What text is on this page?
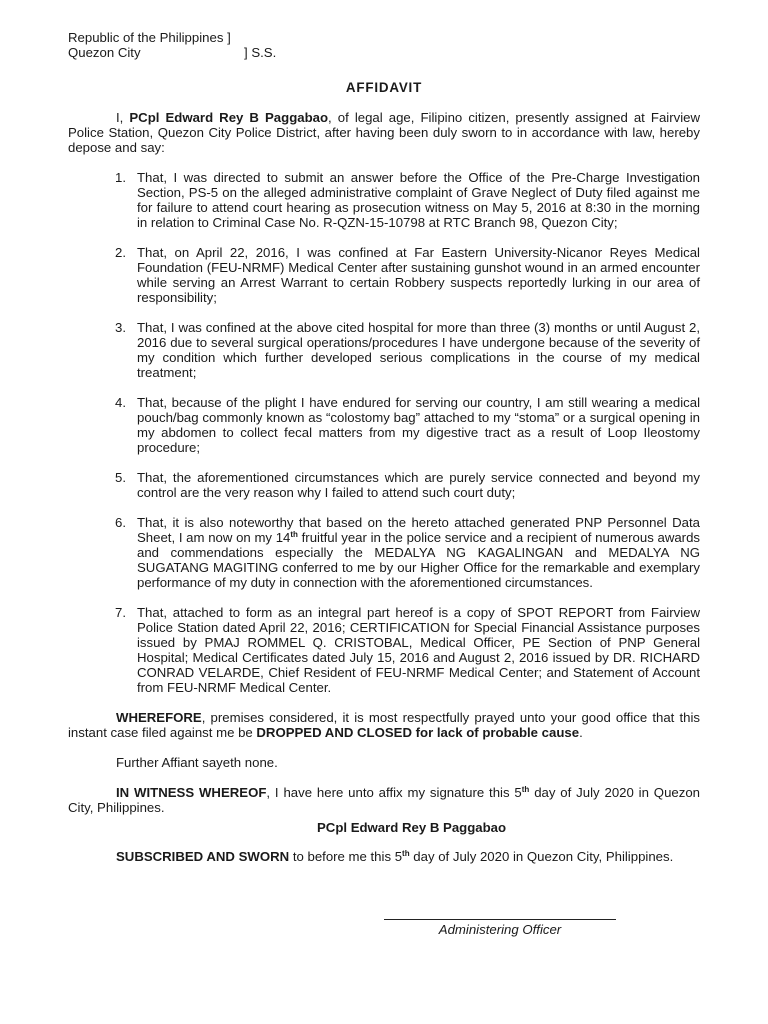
Republic of the Philippines ]
Quezon City	] S.S.
AFFIDAVIT

I, PCpl Edward Rey B Paggabao, of legal age, Filipino citizen, presently assigned at Fairview Police Station, Quezon City Police District, after having been duly sworn to in accordance with law, hereby depose and say:

1. That, I was directed to submit an answer before the Office of the Pre-Charge Investigation Section, PS-5 on the alleged administrative complaint of Grave Neglect of Duty filed against me for failure to attend court hearing as prosecution witness on May 5, 2016 at 8:30 in the morning in relation to Criminal Case No. R-QZN-15-10798 at RTC Branch 98, Quezon City;
2. That, on April 22, 2016, I was confined at Far Eastern University-Nicanor Reyes Medical Foundation (FEU-NRMF) Medical Center after sustaining gunshot wound in an armed encounter while serving an Arrest Warrant to certain Robbery suspects reportedly lurking in our area of responsibility;
3. That, I was confined at the above cited hospital for more than three (3) months or until August 2, 2016 due to several surgical operations/procedures I have undergone because of the severity of my condition which further developed serious complications in the course of my medical treatment;
4. That, because of the plight I have endured for serving our country, I am still wearing a medical pouch/bag commonly known as “colostomy bag” attached to my “stoma” or a surgical opening in my abdomen to collect fecal matters from my digestive tract as a result of Loop Ileostomy procedure;
5. That, the aforementioned circumstances which are purely service connected and beyond my control are the very reason why I failed to attend such court duty;
6. That, it is also noteworthy that based on the hereto attached generated PNP Personnel Data Sheet, I am now on my 14th fruitful year in the police service and a recipient of numerous awards and commendations especially the MEDALYA NG KAGALINGAN and MEDALYA NG SUGATANG MAGITING conferred to me by our Higher Office for the remarkable and exemplary performance of my duty in connection with the aforementioned circumstances.
7. That, attached to form as an integral part hereof is a copy of SPOT REPORT from Fairview Police Station dated April 22, 2016; CERTIFICATION for Special Financial Assistance purposes issued by PMAJ ROMMEL Q. CRISTOBAL, Medical Officer, PE Section of PNP General Hospital; Medical Certificates dated July 15, 2016 and August 2, 2016 issued by DR. RICHARD CONRAD VELARDE, Chief Resident of FEU-NRMF Medical Center; and Statement of Account from FEU-NRMF Medical Center.

WHEREFORE, premises considered, it is most respectfully prayed unto your good office that this instant case filed against me be DROPPED AND CLOSED for lack of probable cause.

Further Affiant sayeth none.

IN WITNESS WHEREOF, I have here unto affix my signature this 5th day of July 2020 in Quezon City, Philippines.

PCpl Edward Rey B Paggabao

SUBSCRIBED AND SWORN to before me this 5th day of July 2020 in Quezon City, Philippines.

Administering Officer
